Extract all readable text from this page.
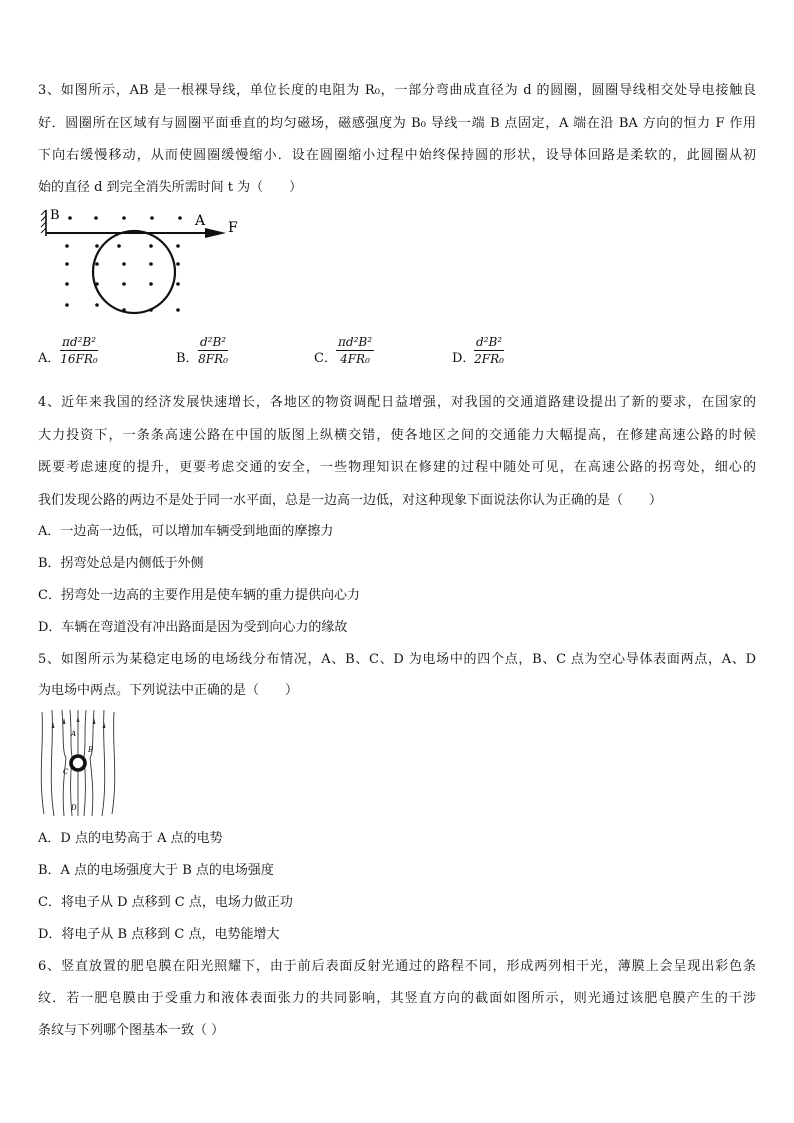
3、如图所示，AB 是一根裸导线，单位长度的电阻为 R₀，一部分弯曲成直径为 d 的圆圈，圆圈导线相交处导电接触良
好．圆圈所在区域有与圆圈平面垂直的均匀磁场，磁感强度为 B₀ 导线一端 B 点固定，A 端在沿 BA 方向的恒力 F 作用
下向右缓慢移动，从而使圆圈缓慢缩小．设在圆圈缩小过程中始终保持圆的形状，设导体回路是柔软的，此圆圈从初
始的直径 d 到完全消失所需时间 t 为（　　）
B	A F
A．
πd²B²
16FR₀	B．
d²B²
8FR₀	C．
πd²B²
4FR₀	D．
d²B²
2FR₀
4、近年来我国的经济发展快速增长，各地区的物资调配日益增强，对我国的交通道路建设提出了新的要求，在国家的
大力投资下，一条条高速公路在中国的版图上纵横交错，使各地区之间的交通能力大幅提高，在修建高速公路的时候
既要考虑速度的提升，更要考虑交通的安全，一些物理知识在修建的过程中随处可见，在高速公路的拐弯处，细心的
我们发现公路的两边不是处于同一水平面，总是一边高一边低，对这种现象下面说法你认为正确的是（　　）
A．一边高一边低，可以增加车辆受到地面的摩擦力
B．拐弯处总是内侧低于外侧
C．拐弯处一边高的主要作用是使车辆的重力提供向心力
D．车辆在弯道没有冲出路面是因为受到向心力的缘故
5、如图所示为某稳定电场的电场线分布情况，A、B、C、D 为电场中的四个点，B、C 点为空心导体表面两点，A、D
为电场中两点。下列说法中正确的是（　　）
A
B
C
D
A．D 点的电势高于 A 点的电势
B．A 点的电场强度大于 B 点的电场强度
C．将电子从 D 点移到 C 点，电场力做正功
D．将电子从 B 点移到 C 点，电势能增大
6、竖直放置的肥皂膜在阳光照耀下，由于前后表面反射光通过的路程不同，形成两列相干光，薄膜上会呈现出彩色条
纹．若一肥皂膜由于受重力和液体表面张力的共同影响，其竖直方向的截面如图所示，则光通过该肥皂膜产生的干涉
条纹与下列哪个图基本一致（ ）
